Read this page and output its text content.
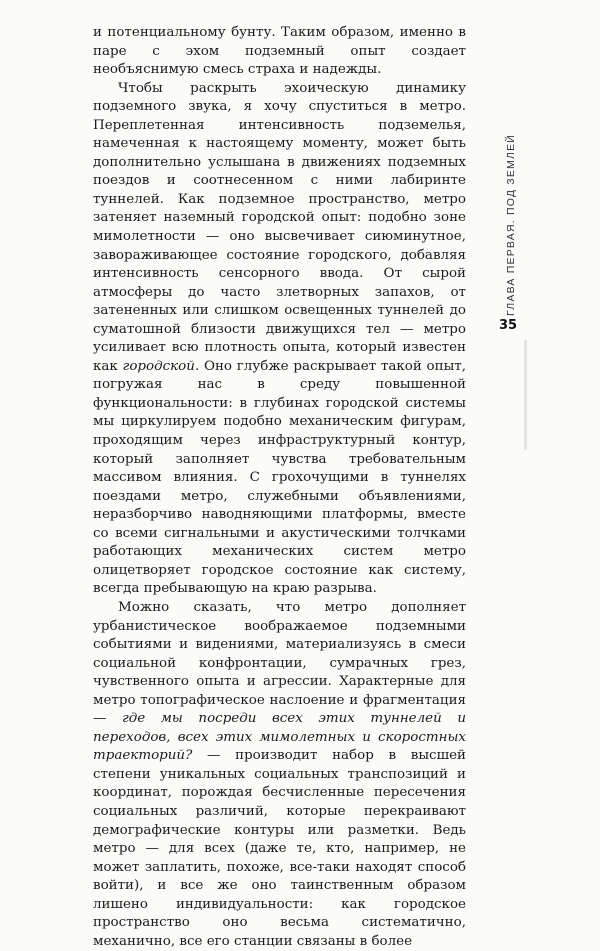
и потенциальному бунту. Таким образом, именно в паре с эхом подземный опыт создает необъяснимую смесь страха и надежды.

Чтобы раскрыть эхоическую динамику подземного звука, я хочу спуститься в метро. Переплетенная интенсивность подземелья, намеченная к настоящему моменту, может быть дополнительно услышана в движениях подземных поездов и соотнесенном с ними лабиринте туннелей. Как подземное пространство, метро затеняет наземный городской опыт: подобно зоне мимолетности — оно высвечивает сиюминутное, завораживающее состояние городского, добавляя интенсивность сенсорного ввода. От сырой атмосферы до часто злетворных запахов, от затененных или слишком освещенных туннелей до суматошной близости движущихся тел — метро усиливает всю плотность опыта, который известен как городской. Оно глубже раскрывает такой опыт, погружая нас в среду повышенной функциональности: в глубинах городской системы мы циркулируем подобно механическим фигурам, проходящим через инфраструктурный контур, который заполняет чувства требовательным массивом влияния. С грохочущими в туннелях поездами метро, служебными объявлениями, неразборчиво наводняющими платформы, вместе со всеми сигнальными и акустическими толчками работающих механических систем метро олицетворяет городское состояние как систему, всегда пребывающую на краю разрыва.

Можно сказать, что метро дополняет урбанистическое воображаемое подземными событиями и видениями, материализуясь в смеси социальной конфронтации, сумрачных грез, чувственного опыта и агрессии. Характерные для метро топографическое наслоение и фрагментация — где мы посреди всех этих туннелей и переходов, всех этих мимолетных и скоростных траекторий? — производит набор в высшей степени уникальных социальных транспозиций и координат, порождая бесчисленные пересечения социальных различий, которые перекраивают демографические контуры или разметки. Ведь метро — для всех (даже те, кто, например, не может заплатить, похоже, все-таки находят способ войти), и все же оно таинственным образом лишено индивидуальности: как городское пространство оно весьма систематично, механично, все его станции связаны в более

ГЛАВА ПЕРВАЯ. ПОД ЗЕМЛЕЙ
35
